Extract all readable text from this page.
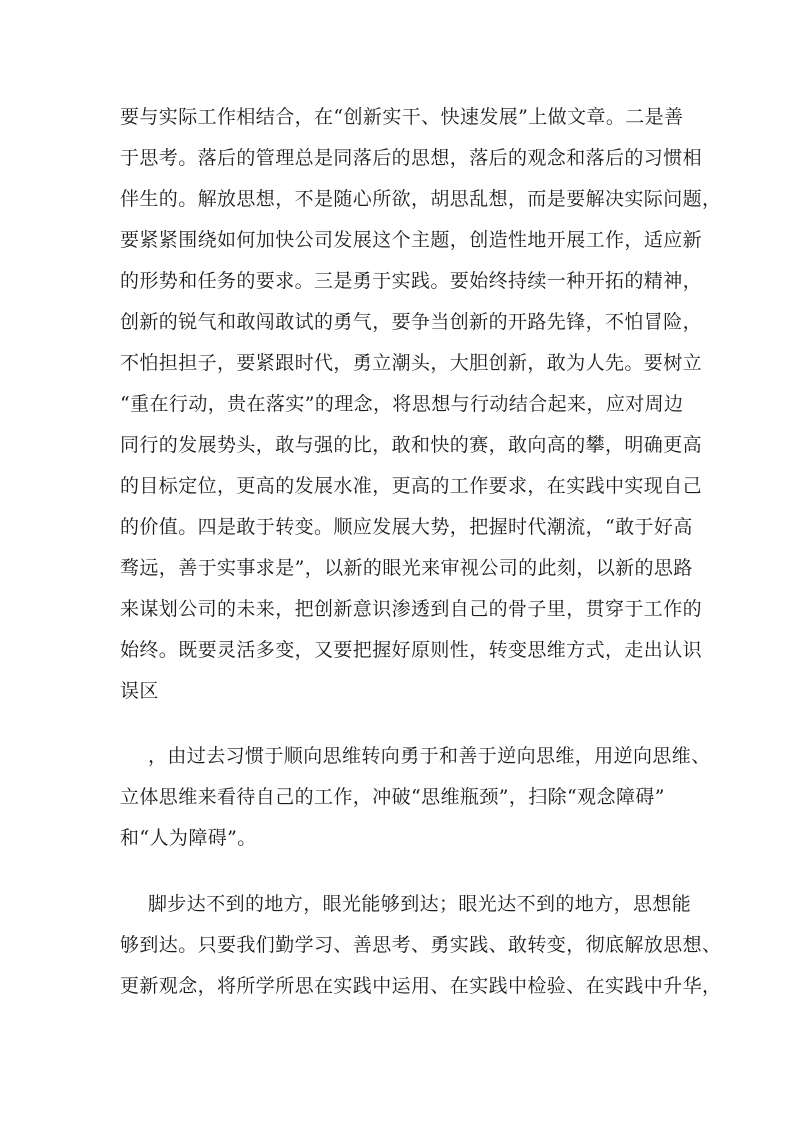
要与实际工作相结合，在“创新实干、快速发展”上做文章。二是善
于思考。落后的管理总是同落后的思想，落后的观念和落后的习惯相
伴生的。解放思想，不是随心所欲，胡思乱想，而是要解决实际问题，
要紧紧围绕如何加快公司发展这个主题，创造性地开展工作，适应新
的形势和任务的要求。三是勇于实践。要始终持续一种开拓的精神，
创新的锐气和敢闯敢试的勇气，要争当创新的开路先锋，不怕冒险，
不怕担担子，要紧跟时代，勇立潮头，大胆创新，敢为人先。要树立
“重在行动，贵在落实”的理念，将思想与行动结合起来，应对周边
同行的发展势头，敢与强的比，敢和快的赛，敢向高的攀，明确更高
的目标定位，更高的发展水准，更高的工作要求，在实践中实现自己
的价值。四是敢于转变。顺应发展大势，把握时代潮流，“敢于好高
骛远，善于实事求是”，以新的眼光来审视公司的此刻，以新的思路
来谋划公司的未来，把创新意识渗透到自己的骨子里，贯穿于工作的
始终。既要灵活多变，又要把握好原则性，转变思维方式，走出认识
误区
，由过去习惯于顺向思维转向勇于和善于逆向思维，用逆向思维、
立体思维来看待自己的工作，冲破“思维瓶颈”，扫除“观念障碍”
和“人为障碍”。
脚步达不到的地方，眼光能够到达；眼光达不到的地方，思想能
够到达。只要我们勤学习、善思考、勇实践、敢转变，彻底解放思想、
更新观念，将所学所思在实践中运用、在实践中检验、在实践中升华，
